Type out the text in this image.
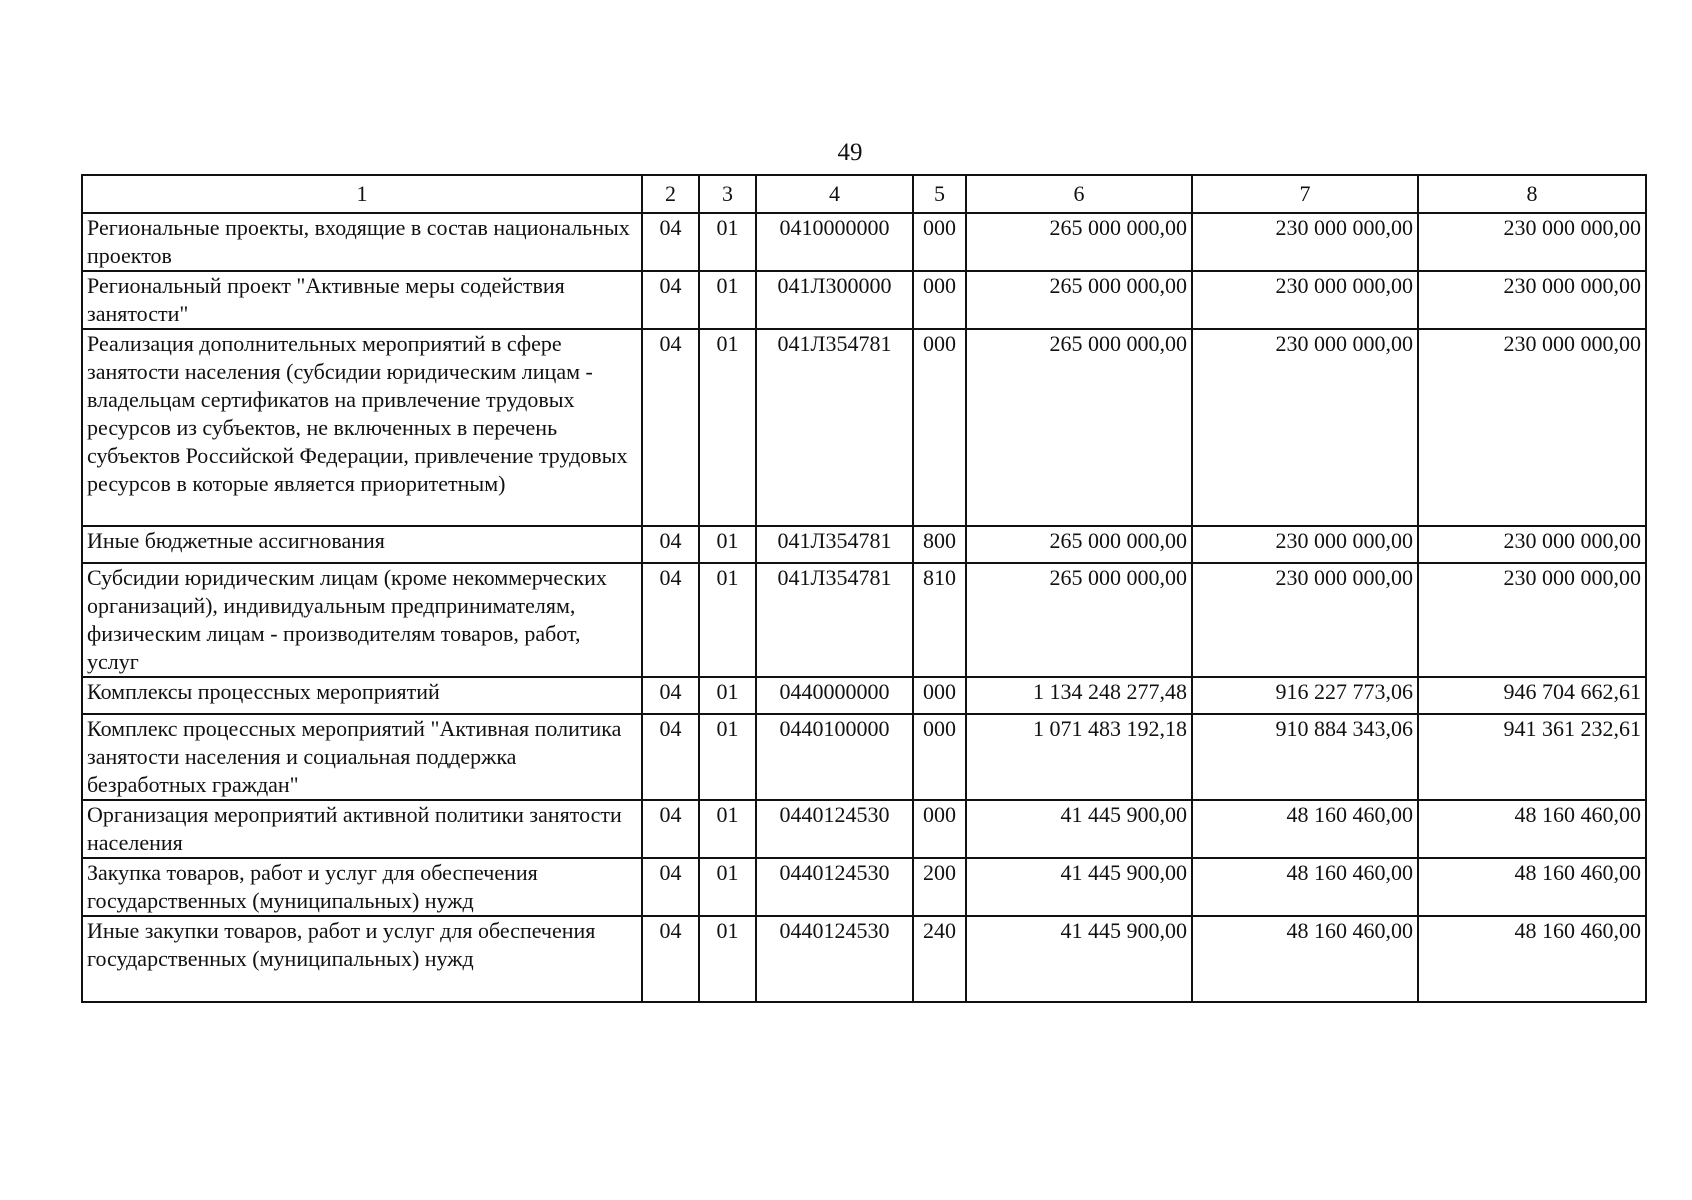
49
1	2	3	4	5	6	7	8
Региональные проекты, входящие в состав национальных проектов	04	01	0410000000	000	265 000 000,00	230 000 000,00	230 000 000,00
Региональный проект "Активные меры содействия занятости"	04	01	041Л300000	000	265 000 000,00	230 000 000,00	230 000 000,00
Реализация дополнительных мероприятий в сфере занятости населения (субсидии юридическим лицам - владельцам сертификатов на привлечение трудовых ресурсов из субъектов, не включенных в перечень субъектов Российской Федерации, привлечение трудовых ресурсов в которые является приоритетным)	04	01	041Л354781	000	265 000 000,00	230 000 000,00	230 000 000,00
Иные бюджетные ассигнования	04	01	041Л354781	800	265 000 000,00	230 000 000,00	230 000 000,00
Субсидии юридическим лицам (кроме некоммерческих организаций), индивидуальным предпринимателям, физическим лицам - производителям товаров, работ, услуг	04	01	041Л354781	810	265 000 000,00	230 000 000,00	230 000 000,00
Комплексы процессных мероприятий	04	01	0440000000	000	1 134 248 277,48	916 227 773,06	946 704 662,61
Комплекс процессных мероприятий "Активная политика занятости населения и социальная поддержка безработных граждан"	04	01	0440100000	000	1 071 483 192,18	910 884 343,06	941 361 232,61
Организация мероприятий активной политики занятости населения	04	01	0440124530	000	41 445 900,00	48 160 460,00	48 160 460,00
Закупка товаров, работ и услуг для обеспечения государственных (муниципальных) нужд	04	01	0440124530	200	41 445 900,00	48 160 460,00	48 160 460,00
Иные закупки товаров, работ и услуг для обеспечения государственных (муниципальных) нужд	04	01	0440124530	240	41 445 900,00	48 160 460,00	48 160 460,00
